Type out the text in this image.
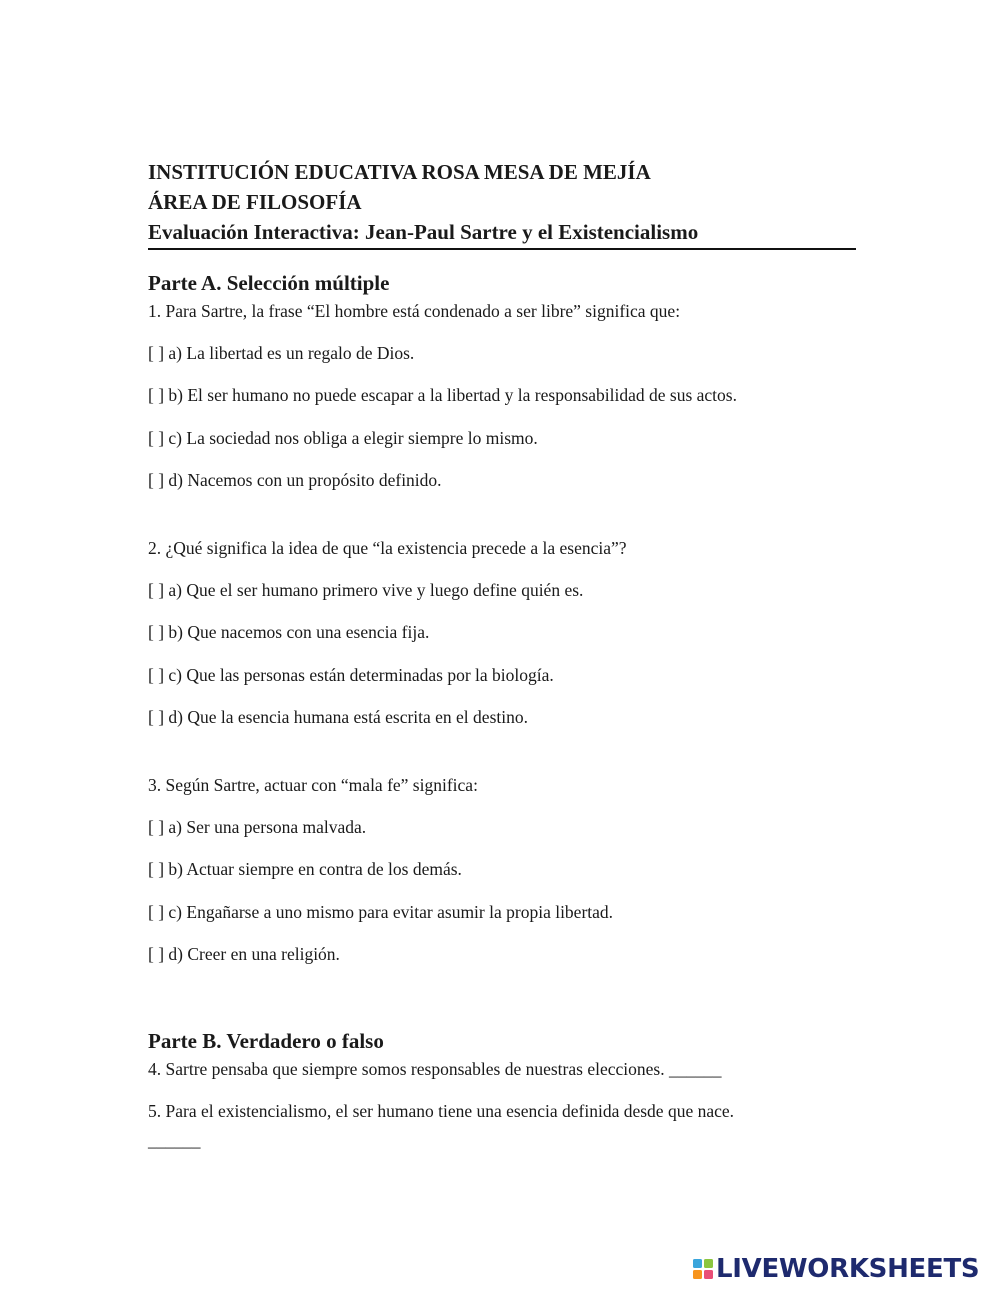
INSTITUCIÓN EDUCATIVA ROSA MESA DE MEJÍA
ÁREA DE FILOSOFÍA
Evaluación Interactiva: Jean-Paul Sartre y el Existencialismo
Parte A. Selección múltiple
1. Para Sartre, la frase “El hombre está condenado a ser libre” significa que:
[ ] a) La libertad es un regalo de Dios.
[ ] b) El ser humano no puede escapar a la libertad y la responsabilidad de sus actos.
[ ] c) La sociedad nos obliga a elegir siempre lo mismo.
[ ] d) Nacemos con un propósito definido.
2. ¿Qué significa la idea de que “la existencia precede a la esencia”?
[ ] a) Que el ser humano primero vive y luego define quién es.
[ ] b) Que nacemos con una esencia fija.
[ ] c) Que las personas están determinadas por la biología.
[ ] d) Que la esencia humana está escrita en el destino.
3. Según Sartre, actuar con “mala fe” significa:
[ ] a) Ser una persona malvada.
[ ] b) Actuar siempre en contra de los demás.
[ ] c) Engañarse a uno mismo para evitar asumir la propia libertad.
[ ] d) Creer en una religión.
Parte B. Verdadero o falso
4. Sartre pensaba que siempre somos responsables de nuestras elecciones. ______
5. Para el existencialismo, el ser humano tiene una esencia definida desde que nace.
______
LIVEWORKSHEETS
